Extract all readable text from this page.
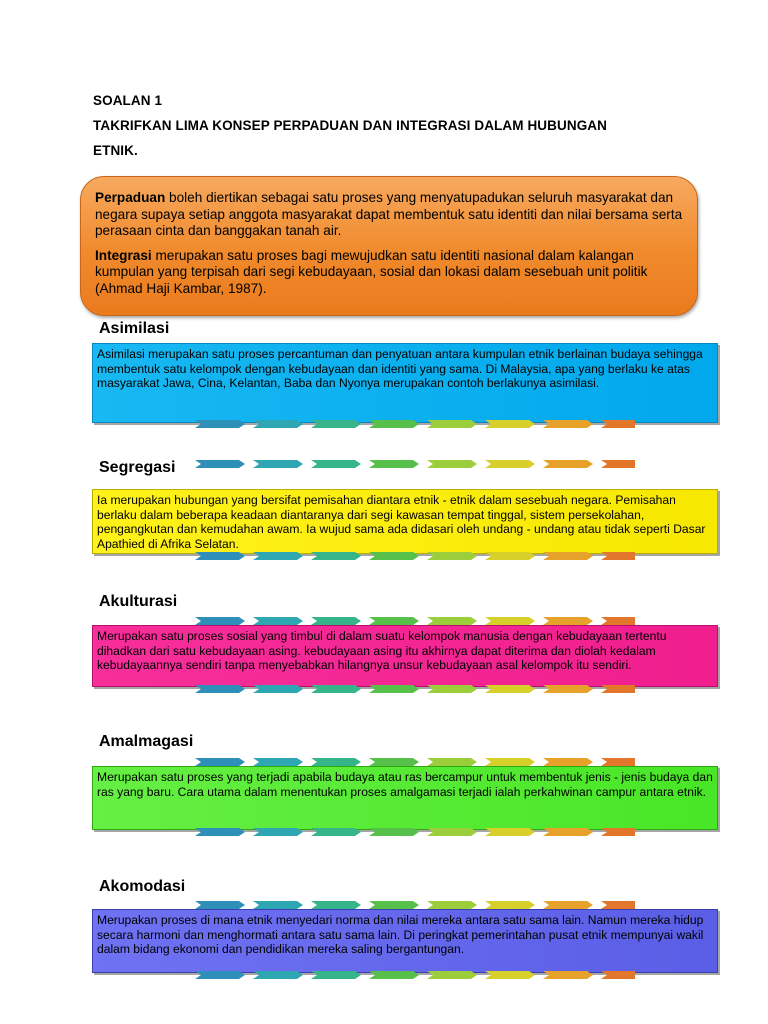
SOALAN 1

TAKRIFKAN LIMA KONSEP PERPADUAN DAN INTEGRASI DALAM HUBUNGAN

ETNIK.

Perpaduan boleh diertikan sebagai satu proses yang menyatupadukan seluruh masyarakat dan negara supaya setiap anggota masyarakat dapat membentuk satu identiti dan nilai bersama serta perasaan cinta dan banggakan tanah air.

Integrasi merupakan satu proses bagi mewujudkan satu identiti nasional dalam kalangan kumpulan yang terpisah dari segi kebudayaan, sosial dan lokasi dalam sesebuah unit politik (Ahmad Haji Kambar, 1987).

Asimilasi

Asimilasi merupakan satu proses percantuman dan penyatuan antara kumpulan etnik berlainan budaya sehingga membentuk satu kelompok dengan kebudayaan dan identiti yang sama. Di Malaysia, apa yang berlaku ke atas masyarakat Jawa, Cina, Kelantan, Baba dan Nyonya merupakan contoh berlakunya asimilasi.

Segregasi

Ia merupakan hubungan yang bersifat pemisahan diantara etnik - etnik dalam sesebuah negara. Pemisahan berlaku dalam beberapa keadaan diantaranya dari segi kawasan tempat tinggal, sistem persekolahan, pengangkutan dan kemudahan awam. Ia wujud sama ada didasari oleh undang - undang atau tidak seperti Dasar Apathied di Afrika Selatan.

Akulturasi

Merupakan satu proses sosial yang timbul di dalam suatu kelompok manusia dengan kebudayaan tertentu dihadkan dari satu kebudayaan asing. kebudayaan asing itu akhirnya dapat diterima dan diolah kedalam kebudayaannya sendiri tanpa menyebabkan hilangnya unsur kebudayaan asal kelompok itu sendiri.

Amalmagasi

Merupakan satu proses yang terjadi apabila budaya atau ras bercampur untuk membentuk jenis - jenis budaya dan ras yang baru. Cara utama dalam menentukan proses amalgamasi terjadi ialah perkahwinan campur antara etnik.

Akomodasi

Merupakan proses di mana etnik menyedari norma dan nilai mereka antara satu sama lain. Namun mereka hidup secara harmoni dan menghormati antara satu sama lain. Di peringkat pemerintahan pusat etnik mempunyai wakil dalam bidang ekonomi dan pendidikan mereka saling bergantungan.
